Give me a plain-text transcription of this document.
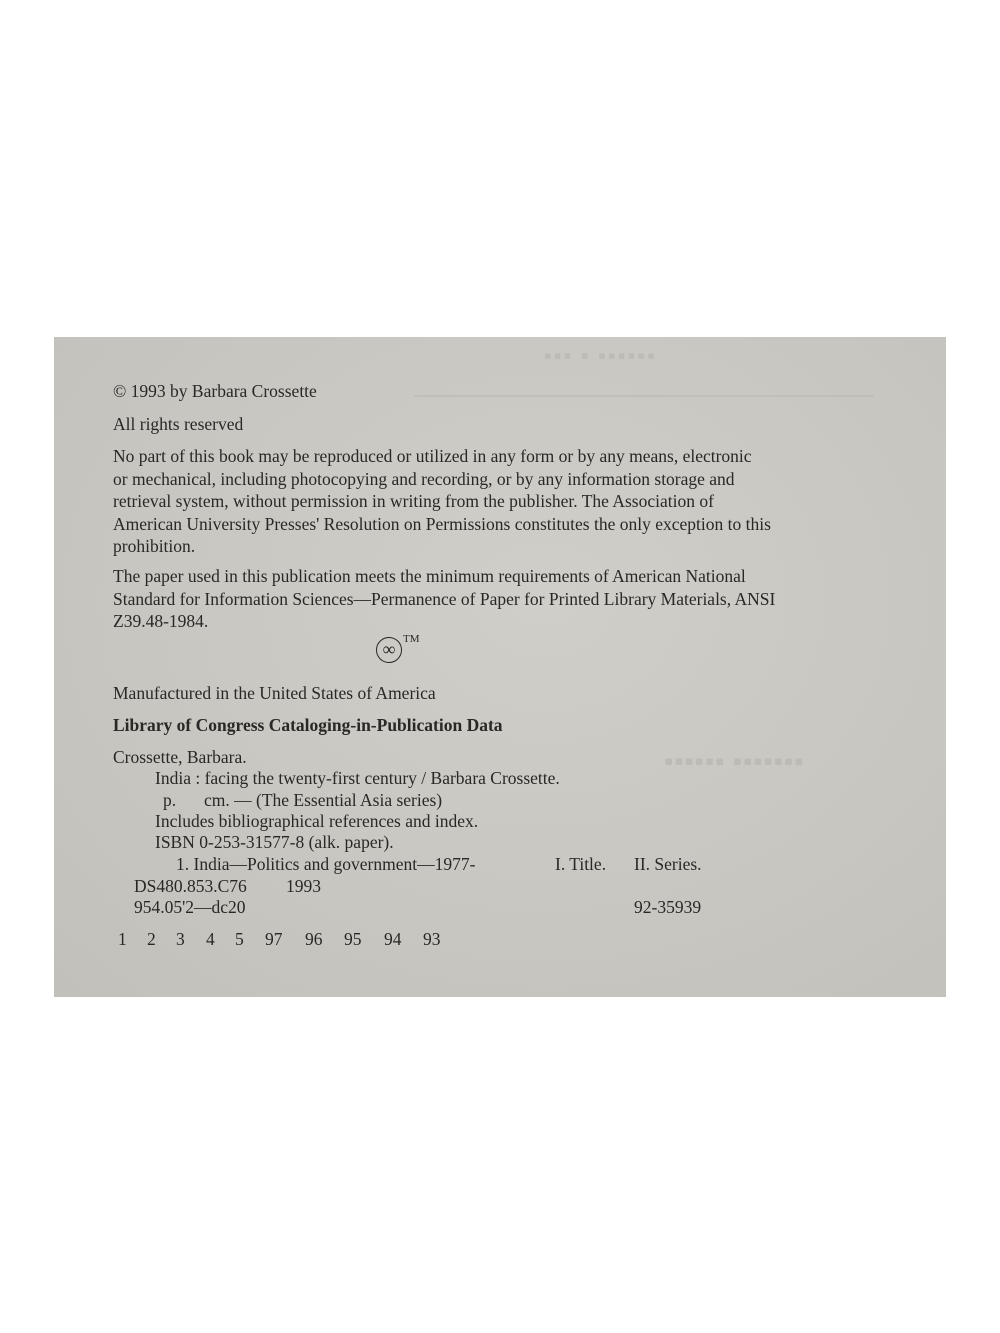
▪▪▪ ▪ ▪▪▪▪▪▪
▪▪▪▪▪▪ ▪▪▪▪▪▪▪
© 1993 by Barbara Crossette
All rights reserved
No part of this book may be reproduced or utilized in any form or by any means, electronic
or mechanical, including photocopying and recording, or by any information storage and
retrieval system, without permission in writing from the publisher. The Association of
American University Presses' Resolution on Permissions constitutes the only exception to this
prohibition.
The paper used in this publication meets the minimum requirements of American National
Standard for Information Sciences—Permanence of Paper for Printed Library Materials, ANSI
Z39.48-1984.
∞ ™
Manufactured in the United States of America
Library of Congress Cataloging-in-Publication Data
Crossette, Barbara.
India : facing the twenty-first century / Barbara Crossette.
p. cm. — (The Essential Asia series)
Includes bibliographical references and index.
ISBN 0-253-31577-8 (alk. paper).
1. India—Politics and government—1977-	I. Title. II. Series.
DS480.853.C76 1993
954.05'2—dc20	92-35939
1 2 3 4 5 97 96 95 94 93
